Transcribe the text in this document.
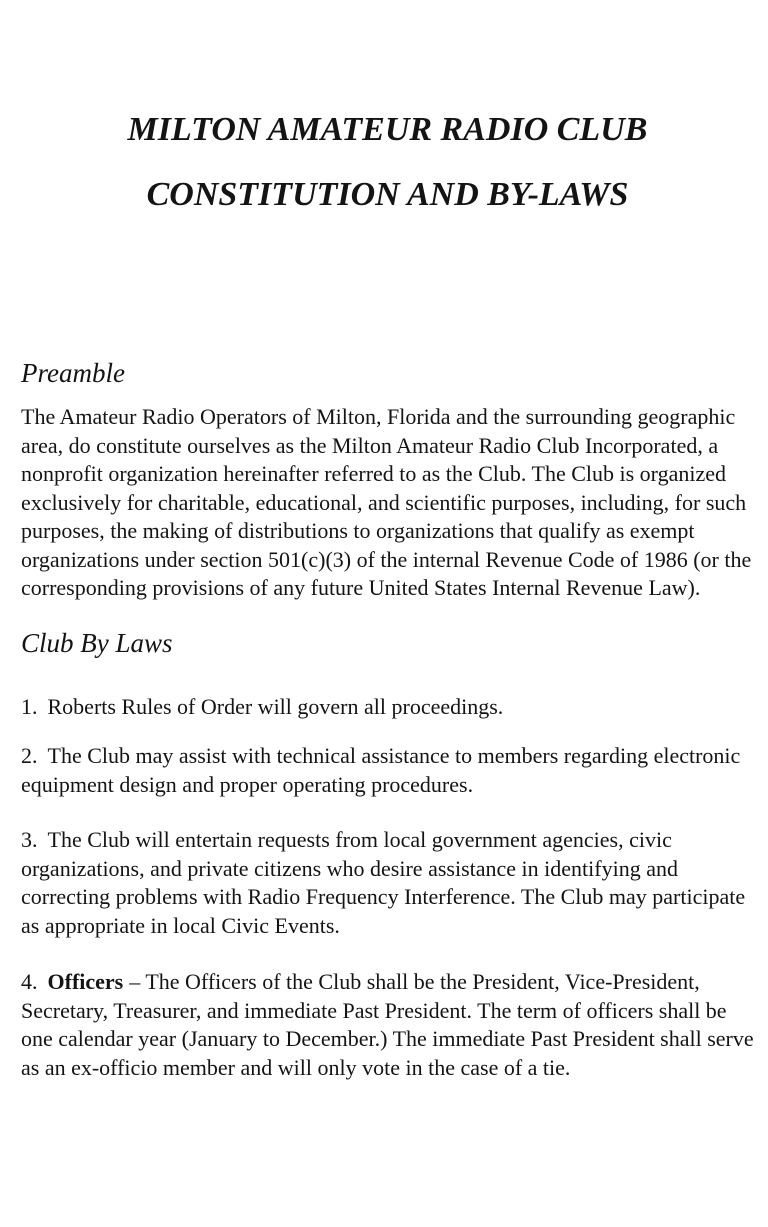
MILTON AMATEUR RADIO CLUB
CONSTITUTION AND BY-LAWS
Preamble

The Amateur Radio Operators of Milton, Florida and the surrounding geographic area, do constitute ourselves as the Milton Amateur Radio Club Incorporated, a nonprofit organization hereinafter referred to as the Club. The Club is organized exclusively for charitable, educational, and scientific purposes, including, for such purposes, the making of distributions to organizations that qualify as exempt organizations under section 501(c)(3) of the internal Revenue Code of 1986 (or the corresponding provisions of any future United States Internal Revenue Law).

Club By Laws

1. Roberts Rules of Order will govern all proceedings.

2. The Club may assist with technical assistance to members regarding electronic equipment design and proper operating procedures.

3. The Club will entertain requests from local government agencies, civic organizations, and private citizens who desire assistance in identifying and correcting problems with Radio Frequency Interference. The Club may participate as appropriate in local Civic Events.

4. Officers – The Officers of the Club shall be the President, Vice-President, Secretary, Treasurer, and immediate Past President. The term of officers shall be one calendar year (January to December.) The immediate Past President shall serve as an ex-officio member and will only vote in the case of a tie.
